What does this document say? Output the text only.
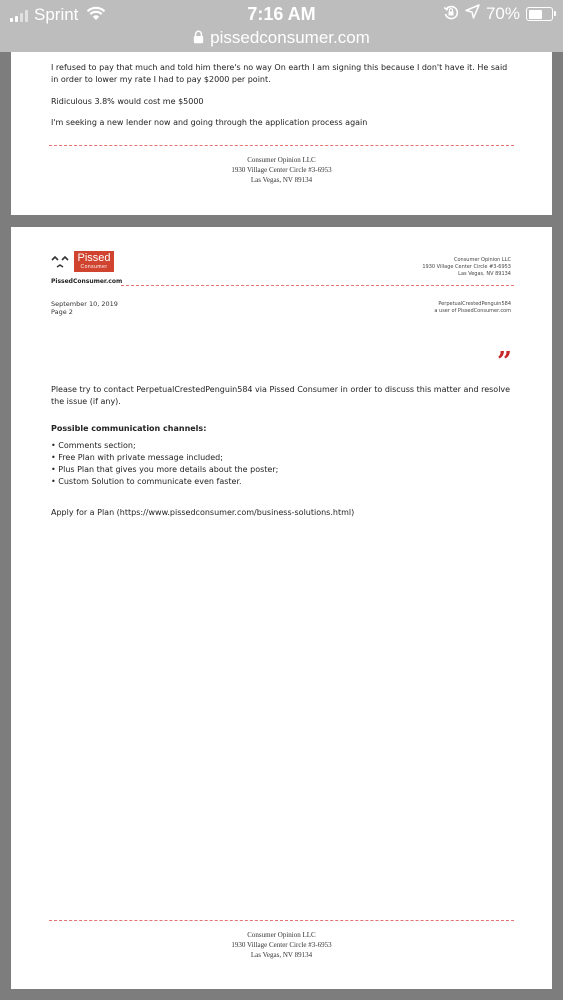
Sprint	7:16 AM	70%
pissedconsumer.com
I refused to pay that much and told him there's no way On earth I am signing this because I don't have it. He said in order to lower my rate I had to pay $2000 per point.
Ridiculous 3.8% would cost me $5000
I'm seeking a new lender now and going through the application process again
Consumer Opinion LLC
1930 Village Center Circle #3-6953
Las Vegas, NV 89134
Pissed
Consumer
PissedConsumer.com
Consumer Opinion LLC
1930 Village Center Circle #3-6953
Las Vegas, NV 89134
September 10, 2019
Page 2
PerpetualCrestedPenguin584
a user of PissedConsumer.com
”
Please try to contact PerpetualCrestedPenguin584 via Pissed Consumer in order to discuss this matter and resolve the issue (if any).
Possible communication channels:
• Comments section;
• Free Plan with private message included;
• Plus Plan that gives you more details about the poster;
• Custom Solution to communicate even faster.
Apply for a Plan (https://www.pissedconsumer.com/business-solutions.html)
Consumer Opinion LLC
1930 Village Center Circle #3-6953
Las Vegas, NV 89134
